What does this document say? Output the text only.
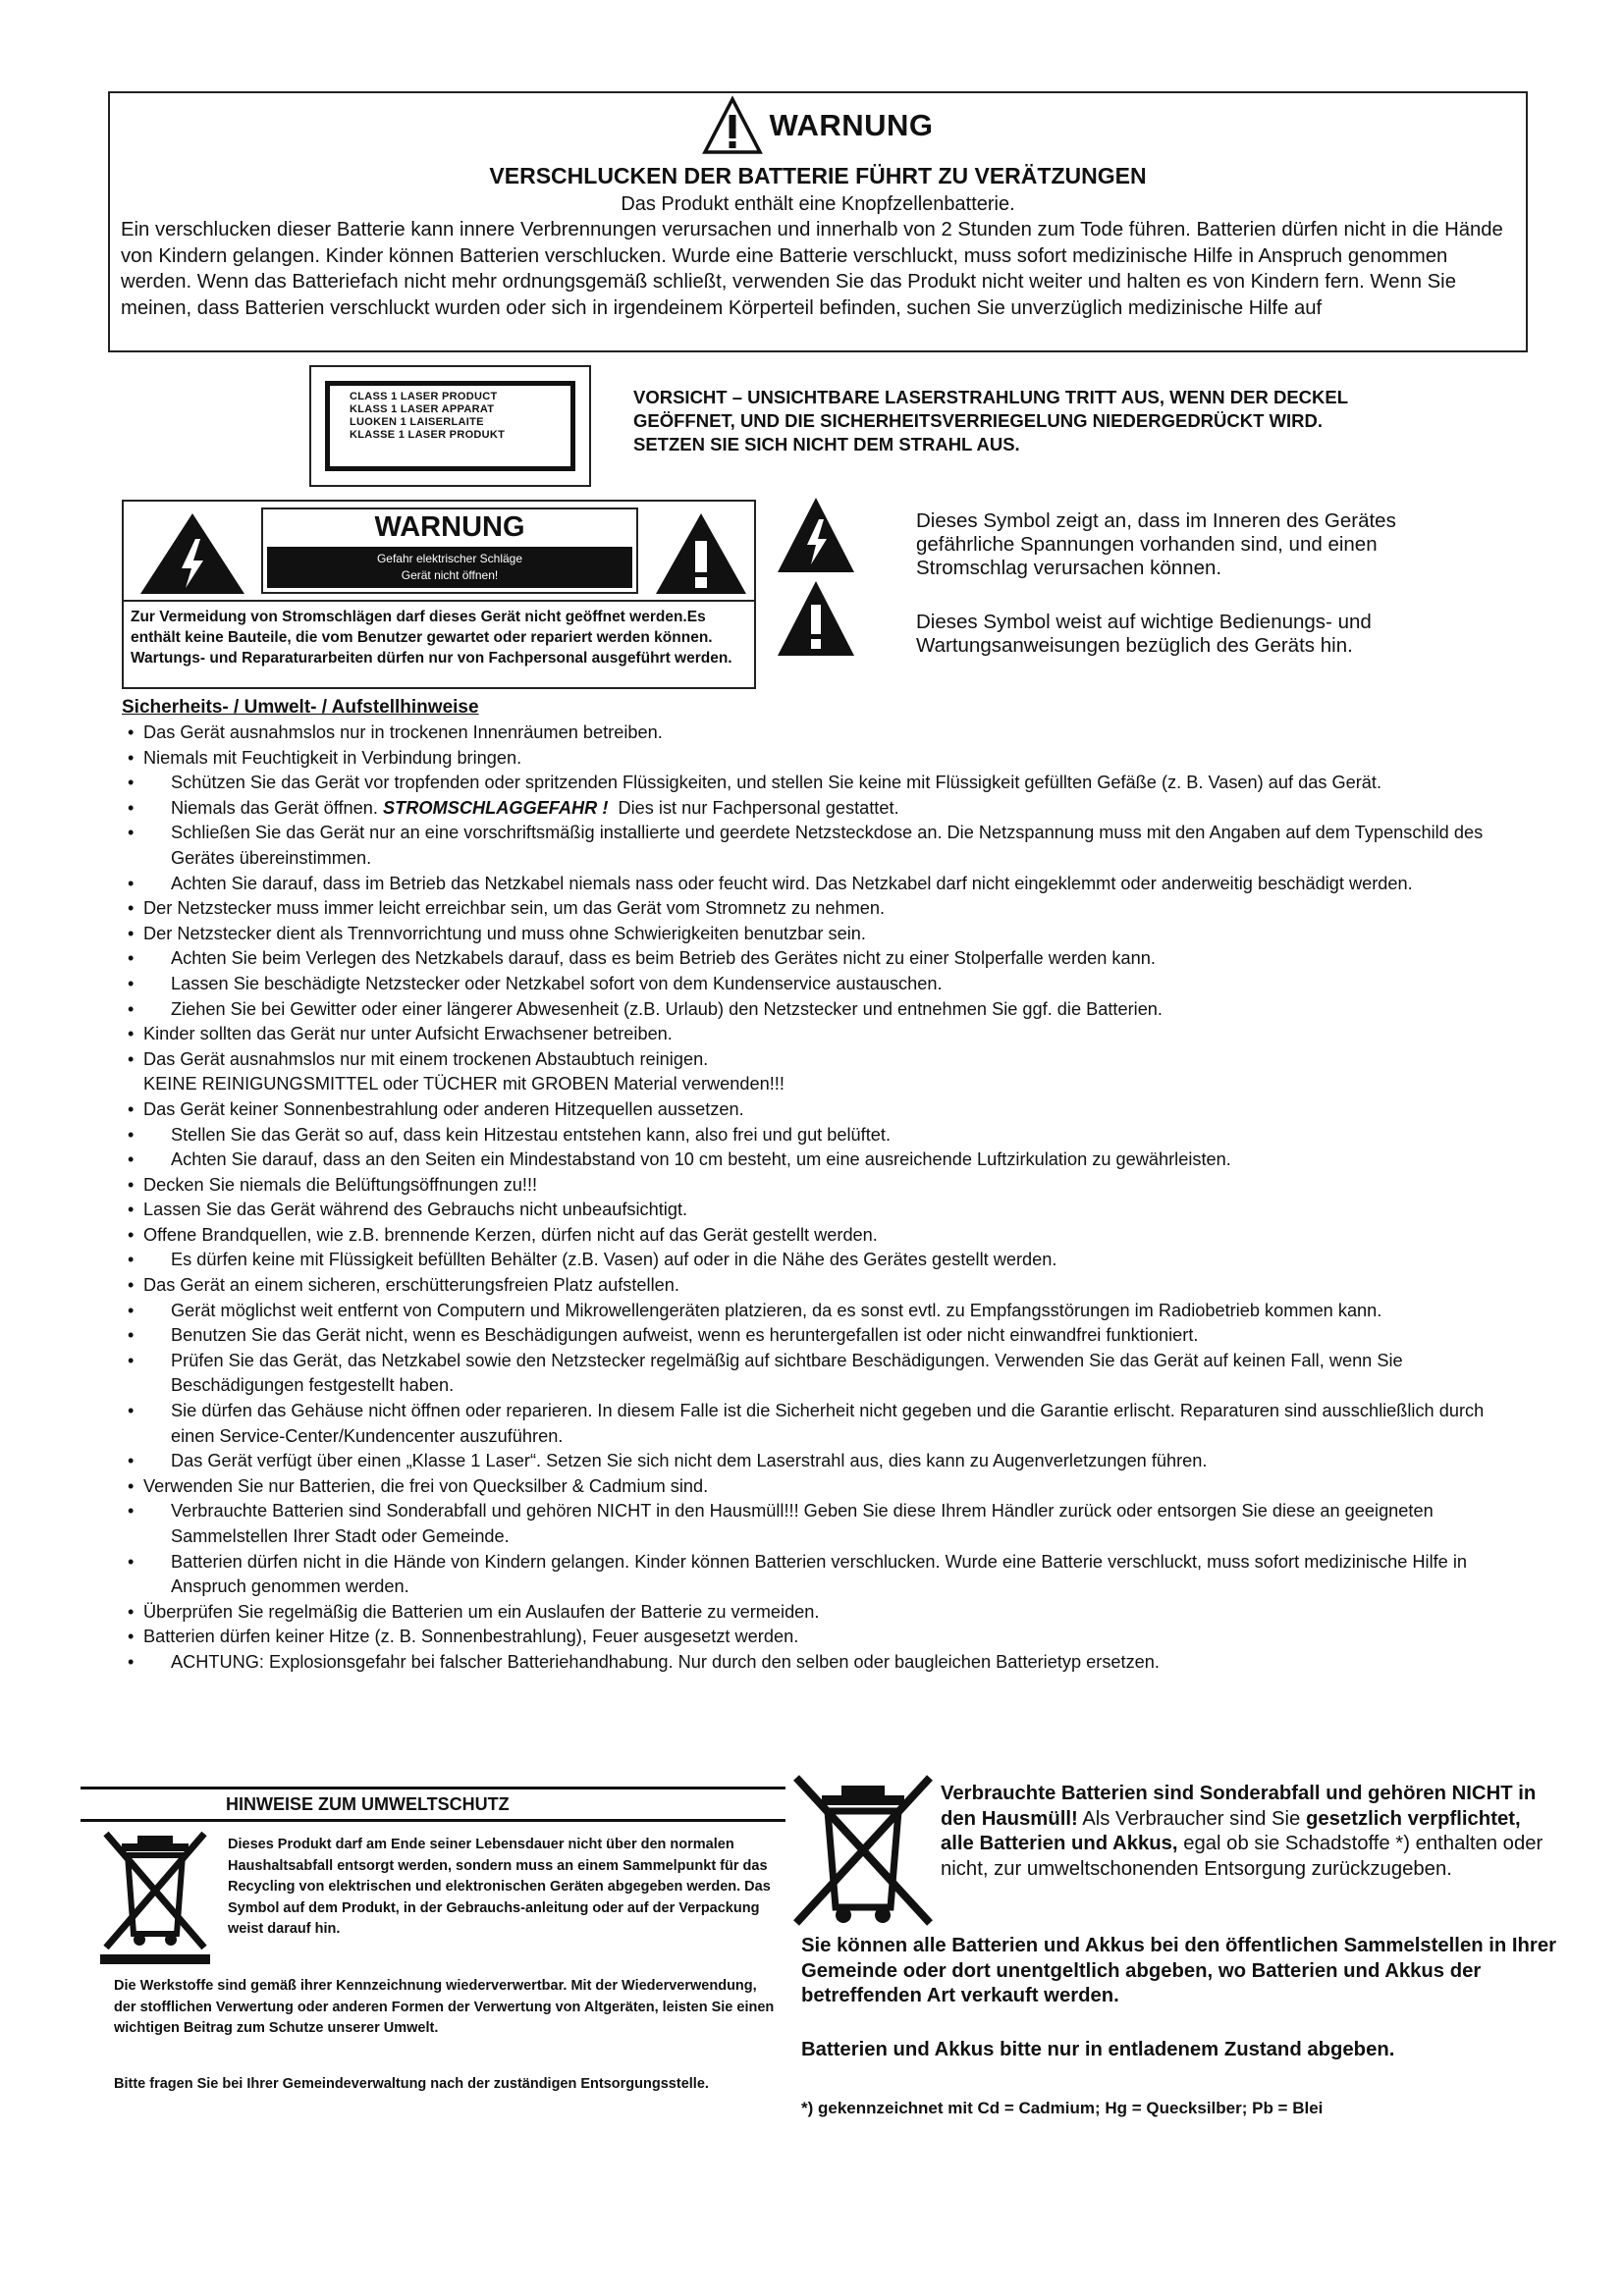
WARNUNG
VERSCHLUCKEN DER BATTERIE FÜHRT ZU VERÄTZUNGEN
Das Produkt enthält eine Knopfzellenbatterie.
Ein verschlucken dieser Batterie kann innere Verbrennungen verursachen und innerhalb von 2 Stunden zum Tode führen. Batterien dürfen nicht in die Hände von Kindern gelangen. Kinder können Batterien verschlucken. Wurde eine Batterie verschluckt, muss sofort medizinische Hilfe in Anspruch genommen werden. Wenn das Batteriefach nicht mehr ordnungsgemäß schließt, verwenden Sie das Produkt nicht weiter und halten es von Kindern fern. Wenn Sie meinen, dass Batterien verschluckt wurden oder sich in irgendeinem Körperteil befinden, suchen Sie unverzüglich medizinische Hilfe auf
CLASS 1 LASER PRODUCT
KLASS 1 LASER APPARAT
LUOKEN 1 LAISERLAITE
KLASSE 1 LASER PRODUKT
VORSICHT – UNSICHTBARE LASERSTRAHLUNG TRITT AUS, WENN DER DECKEL GEÖFFNET, UND DIE SICHERHEITSVERRIEGELUNG NIEDERGEDRÜCKT WIRD. SETZEN SIE SICH NICHT DEM STRAHL AUS.
WARNUNG
Gefahr elektrischer Schläge
Gerät nicht öffnen!
Zur Vermeidung von Stromschlägen darf dieses Gerät nicht geöffnet werden.Es enthält keine Bauteile, die vom Benutzer gewartet oder repariert werden können. Wartungs- und Reparaturarbeiten dürfen nur von Fachpersonal ausgeführt werden.
Dieses Symbol zeigt an, dass im Inneren des Gerätes gefährliche Spannungen vorhanden sind, und einen Stromschlag verursachen können.
Dieses Symbol weist auf wichtige Bedienungs- und Wartungsanweisungen bezüglich des Geräts hin.
Sicherheits- / Umwelt- / Aufstellhinweise
• Das Gerät ausnahmslos nur in trockenen Innenräumen betreiben.
• Niemals mit Feuchtigkeit in Verbindung bringen.
• Schützen Sie das Gerät vor tropfenden oder spritzenden Flüssigkeiten, und stellen Sie keine mit Flüssigkeit gefüllten Gefäße (z. B. Vasen) auf das Gerät.
• Niemals das Gerät öffnen. STROMSCHLAGGEFAHR ! Dies ist nur Fachpersonal gestattet.
• Schließen Sie das Gerät nur an eine vorschriftsmäßig installierte und geerdete Netzsteckdose an. Die Netzspannung muss mit den Angaben auf dem Typenschild des Gerätes übereinstimmen.
• Achten Sie darauf, dass im Betrieb das Netzkabel niemals nass oder feucht wird. Das Netzkabel darf nicht eingeklemmt oder anderweitig beschädigt werden.
• Der Netzstecker muss immer leicht erreichbar sein, um das Gerät vom Stromnetz zu nehmen.
• Der Netzstecker dient als Trennvorrichtung und muss ohne Schwierigkeiten benutzbar sein.
• Achten Sie beim Verlegen des Netzkabels darauf, dass es beim Betrieb des Gerätes nicht zu einer Stolperfalle werden kann.
• Lassen Sie beschädigte Netzstecker oder Netzkabel sofort von dem Kundenservice austauschen.
• Ziehen Sie bei Gewitter oder einer längerer Abwesenheit (z.B. Urlaub) den Netzstecker und entnehmen Sie ggf. die Batterien.
• Kinder sollten das Gerät nur unter Aufsicht Erwachsener betreiben.
• Das Gerät ausnahmslos nur mit einem trockenen Abstaubtuch reinigen.
KEINE REINIGUNGSMITTEL oder TÜCHER mit GROBEN Material verwenden!!!
• Das Gerät keiner Sonnenbestrahlung oder anderen Hitzequellen aussetzen.
• Stellen Sie das Gerät so auf, dass kein Hitzestau entstehen kann, also frei und gut belüftet.
• Achten Sie darauf, dass an den Seiten ein Mindestabstand von 10 cm besteht, um eine ausreichende Luftzirkulation zu gewährleisten.
• Decken Sie niemals die Belüftungsöffnungen zu!!!
• Lassen Sie das Gerät während des Gebrauchs nicht unbeaufsichtigt.
• Offene Brandquellen, wie z.B. brennende Kerzen, dürfen nicht auf das Gerät gestellt werden.
• Es dürfen keine mit Flüssigkeit befüllten Behälter (z.B. Vasen) auf oder in die Nähe des Gerätes gestellt werden.
• Das Gerät an einem sicheren, erschütterungsfreien Platz aufstellen.
• Gerät möglichst weit entfernt von Computern und Mikrowellengeräten platzieren, da es sonst evtl. zu Empfangsstörungen im Radiobetrieb kommen kann.
• Benutzen Sie das Gerät nicht, wenn es Beschädigungen aufweist, wenn es heruntergefallen ist oder nicht einwandfrei funktioniert.
• Prüfen Sie das Gerät, das Netzkabel sowie den Netzstecker regelmäßig auf sichtbare Beschädigungen. Verwenden Sie das Gerät auf keinen Fall, wenn Sie Beschädigungen festgestellt haben.
• Sie dürfen das Gehäuse nicht öffnen oder reparieren. In diesem Falle ist die Sicherheit nicht gegeben und die Garantie erlischt. Reparaturen sind ausschließlich durch einen Service-Center/Kundencenter auszuführen.
• Das Gerät verfügt über einen „Klasse 1 Laser“. Setzen Sie sich nicht dem Laserstrahl aus, dies kann zu Augenverletzungen führen.
• Verwenden Sie nur Batterien, die frei von Quecksilber & Cadmium sind.
• Verbrauchte Batterien sind Sonderabfall und gehören NICHT in den Hausmüll!!! Geben Sie diese Ihrem Händler zurück oder entsorgen Sie diese an geeigneten Sammelstellen Ihrer Stadt oder Gemeinde.
• Batterien dürfen nicht in die Hände von Kindern gelangen. Kinder können Batterien verschlucken. Wurde eine Batterie verschluckt, muss sofort medizinische Hilfe in Anspruch genommen werden.
• Überprüfen Sie regelmäßig die Batterien um ein Auslaufen der Batterie zu vermeiden.
• Batterien dürfen keiner Hitze (z. B. Sonnenbestrahlung), Feuer ausgesetzt werden.
• ACHTUNG: Explosionsgefahr bei falscher Batteriehandhabung. Nur durch den selben oder baugleichen Batterietyp ersetzen.
HINWEISE ZUM UMWELTSCHUTZ
Dieses Produkt darf am Ende seiner Lebensdauer nicht über den normalen Haushaltsabfall entsorgt werden, sondern muss an einem Sammelpunkt für das Recycling von elektrischen und elektronischen Geräten abgegeben werden. Das Symbol auf dem Produkt, in der Gebrauchs-anleitung oder auf der Verpackung weist darauf hin.
Die Werkstoffe sind gemäß ihrer Kennzeichnung wiederverwertbar. Mit der Wiederverwendung, der stofflichen Verwertung oder anderen Formen der Verwertung von Altgeräten, leisten Sie einen wichtigen Beitrag zum Schutze unserer Umwelt.
Bitte fragen Sie bei Ihrer Gemeindeverwaltung nach der zuständigen Entsorgungsstelle.
Verbrauchte Batterien sind Sonderabfall und gehören NICHT in den Hausmüll! Als Verbraucher sind Sie gesetzlich verpflichtet, alle Batterien und Akkus, egal ob sie Schadstoffe *) enthalten oder nicht, zur umweltschonenden Entsorgung zurückzugeben.
Sie können alle Batterien und Akkus bei den öffentlichen Sammelstellen in Ihrer Gemeinde oder dort unentgeltlich abgeben, wo Batterien und Akkus der betreffenden Art verkauft werden.
Batterien und Akkus bitte nur in entladenem Zustand abgeben.
*) gekennzeichnet mit Cd = Cadmium; Hg = Quecksilber; Pb = Blei
